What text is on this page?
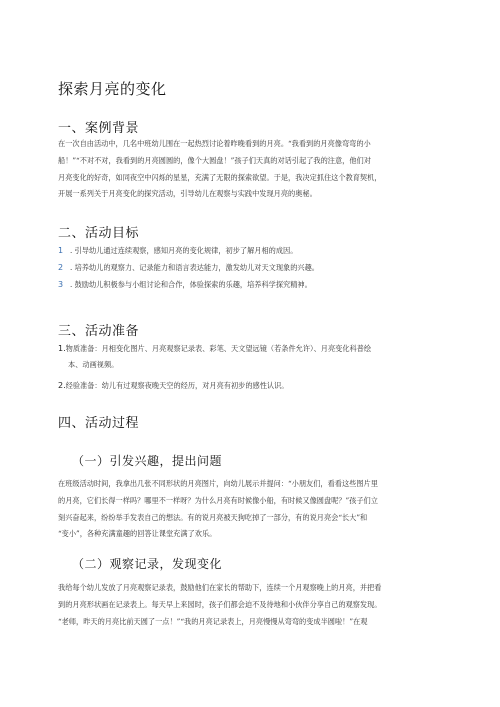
探索月亮的变化
一、案例背景

在一次自由活动中，几名中班幼儿围在一起热烈讨论着昨晚看到的月亮。“我看到的月亮像弯弯的小
船！”“不对不对，我看到的月亮圆圆的，像个大圆盘！”孩子们天真的对话引起了我的注意，他们对
月亮变化的好奇，如同夜空中闪烁的星星，充满了无限的探索欲望。于是，我决定抓住这个教育契机，
开展一系列关于月亮变化的探究活动，引导幼儿在观察与实践中发现月亮的奥秘。

二、活动目标
1 . 引导幼儿通过连续观察，感知月亮的变化规律，初步了解月相的成因。
2 . 培养幼儿的观察力、记录能力和语言表达能力，激发幼儿对天文现象的兴趣。
3 . 鼓励幼儿积极参与小组讨论和合作，体验探索的乐趣，培养科学探究精神。
三、活动准备
1.物质准备：月相变化图片、月亮观察记录表、彩笔、天文望远镜（若条件允许）、月亮变化科普绘
本、动画视频。
2.经验准备：幼儿有过观察夜晚天空的经历，对月亮有初步的感性认识。
四、活动过程
（一）引发兴趣，提出问题

在班级活动时间，我拿出几张不同形状的月亮图片，向幼儿展示并提问：“小朋友们，看看这些图片里
的月亮，它们长得一样吗？哪里不一样呀？为什么月亮有时候像小船，有时候又像圆盘呢？”孩子们立
刻兴奋起来，纷纷举手发表自己的想法。有的说月亮被天狗吃掉了一部分，有的说月亮会“长大”和
“变小”，各种充满童趣的回答让课堂充满了欢乐。

（二）观察记录，发现变化

我给每个幼儿发放了月亮观察记录表，鼓励他们在家长的帮助下，连续一个月观察晚上的月亮，并把看
到的月亮形状画在记录表上。每天早上来园时，孩子们都会迫不及待地和小伙伴分享自己的观察发现。
“老师，昨天的月亮比前天圆了一点！”“我的月亮记录表上，月亮慢慢从弯弯的变成半圆啦！”在观
